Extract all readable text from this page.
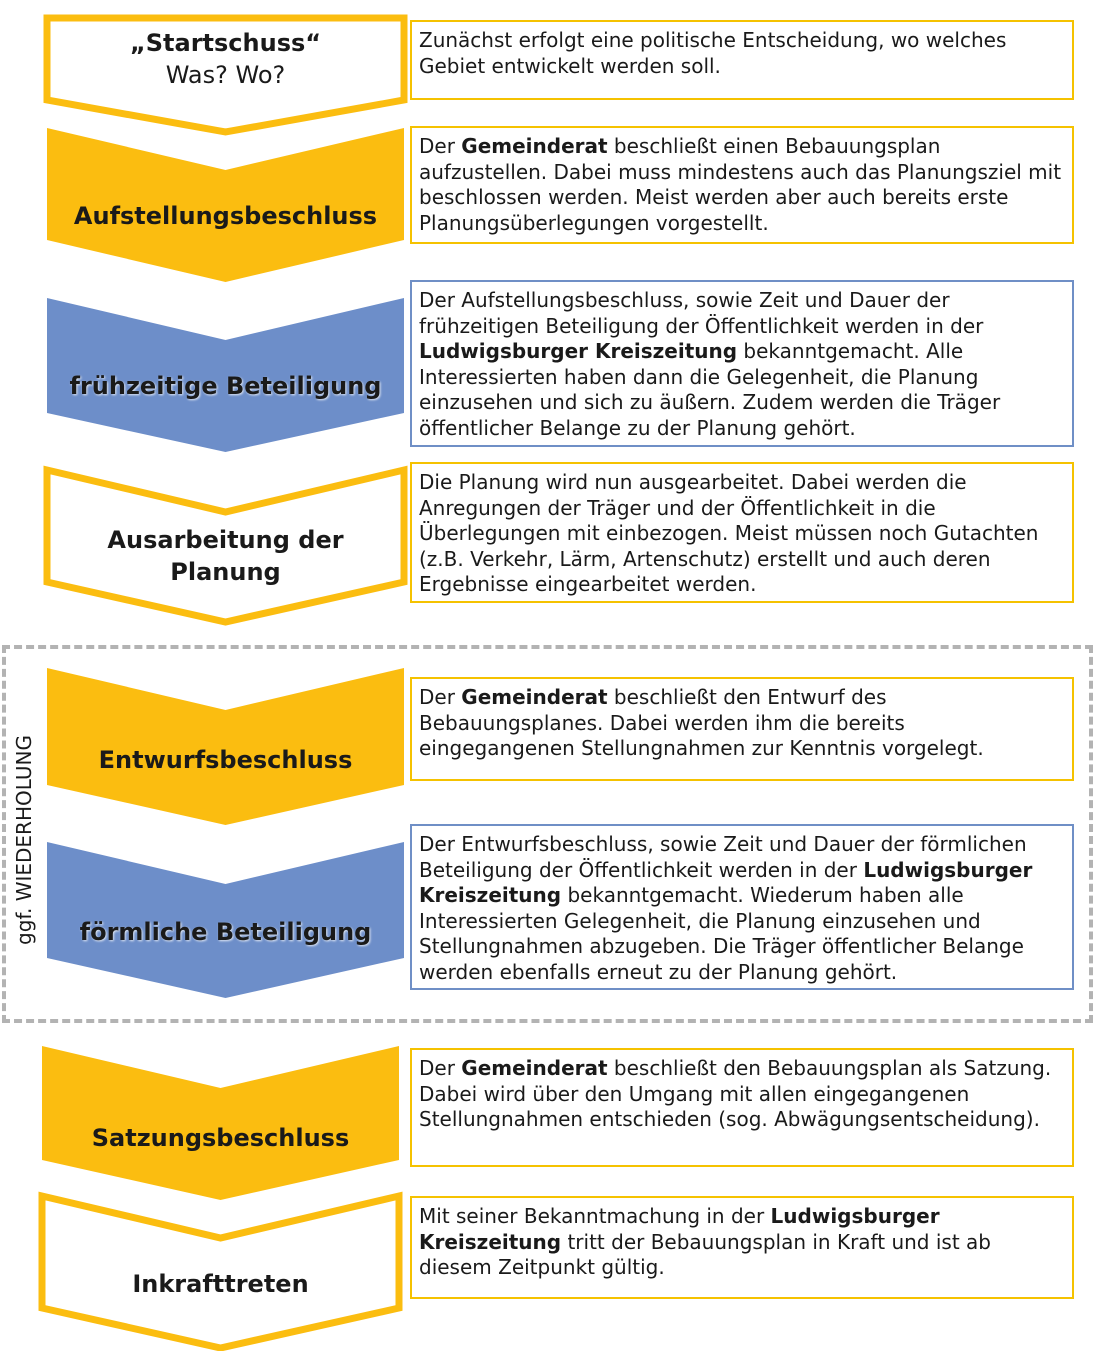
ggf. WIEDERHOLUNG
„Startschuss“
Was? Wo?
Aufstellungsbeschluss
frühzeitige Beteiligung
Ausarbeitung der Planung
Entwurfsbeschluss
förmliche Beteiligung
Satzungsbeschluss
Inkrafttreten
Zunächst erfolgt eine politische Entscheidung, wo welches Gebiet entwickelt werden soll.
Der Gemeinderat beschließt einen Bebauungsplan aufzustellen. Dabei muss mindestens auch das Planungsziel mit beschlossen werden. Meist werden aber auch bereits erste Planungsüberlegungen vorgestellt.
Der Aufstellungsbeschluss, sowie Zeit und Dauer der frühzeitigen Beteiligung der Öffentlichkeit werden in der Ludwigsburger Kreiszeitung bekanntgemacht. Alle Interessierten haben dann die Gelegenheit, die Planung einzusehen und sich zu äußern. Zudem werden die Träger öffentlicher Belange zu der Planung gehört.
Die Planung wird nun ausgearbeitet. Dabei werden die Anregungen der Träger und der Öffentlichkeit in die Überlegungen mit einbezogen. Meist müssen noch Gutachten (z.B. Verkehr, Lärm, Artenschutz) erstellt und auch deren Ergebnisse eingearbeitet werden.
Der Gemeinderat beschließt den Entwurf des Bebauungsplanes. Dabei werden ihm die bereits eingegangenen Stellungnahmen zur Kenntnis vorgelegt.
Der Entwurfsbeschluss, sowie Zeit und Dauer der förmlichen Beteiligung der Öffentlichkeit werden in der Ludwigsburger Kreiszeitung bekanntgemacht. Wiederum haben alle Interessierten Gelegenheit, die Planung einzusehen und Stellungnahmen abzugeben. Die Träger öffentlicher Belange werden ebenfalls erneut zu der Planung gehört.
Der Gemeinderat beschließt den Bebauungsplan als Satzung. Dabei wird über den Umgang mit allen eingegangenen Stellungnahmen entschieden (sog. Abwägungsentscheidung).
Mit seiner Bekanntmachung in der Ludwigsburger Kreiszeitung tritt der Bebauungsplan in Kraft und ist ab diesem Zeitpunkt gültig.
